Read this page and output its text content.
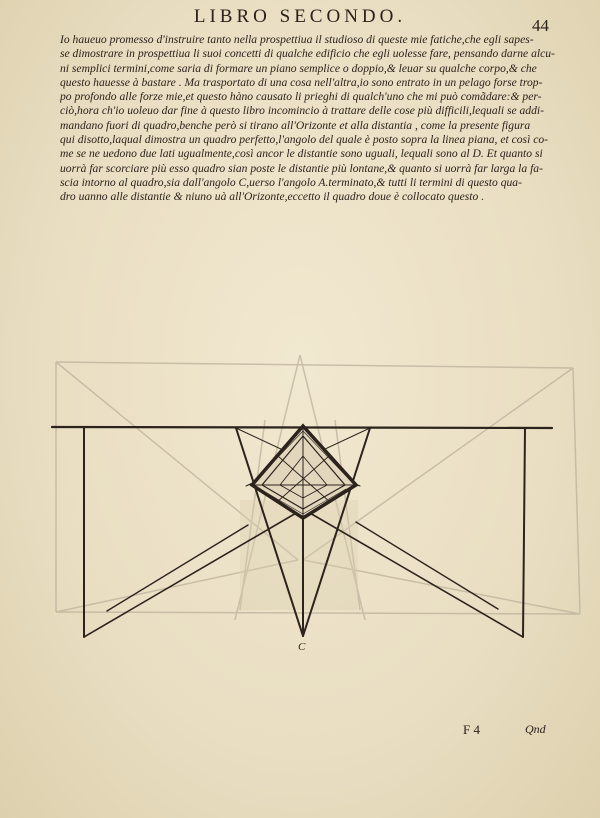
LIBRO SECONDO.	44

Io haueuo promesso d'instruire tanto nella prospettiua il studioso di queste mie fatiche,che egli sapes-
se dimostrare in prospettiua li suoi concetti di qualche edificio che egli uolesse fare, pensando darne alcu-
ni semplici termini,come saria di formare un piano semplice o doppio,& leuar su qualche corpo,& che
questo hauesse à bastare . Ma trasportato di una cosa nell'altra,io sono entrato in un pelago forse trop-
po profondo alle forze mie,et questo hàno causato li prieghi di qualch'uno che mi può comãdare:& per-
ciò,hora ch'io uoleuo dar fine à questo libro incomincio à trattare delle cose più difficili,lequali se addi-
mandano fuori di quadro,benche però si tirano all'Orizonte et alla distantia , come la presente figura
qui disotto,laqual dimostra un quadro perfetto,l'angolo del quale è posto sopra la linea piana, et così co-
me se ne uedono due lati ugualmente,così ancor le distantie sono uguali, lequali sono al D. Et quanto si
uorrà far scorciare più esso quadro sian poste le distantie più lontane,& quanto si uorrà far larga la fa-
scia intorno al quadro,sia dall'angolo C,uerso l'angolo A.terminato,& tutti li termini di questo qua-
dro uanno alle distantie & niuno uà all'Orizonte,eccetto il quadro doue è collocato questo .

C
F 4	Qnd
